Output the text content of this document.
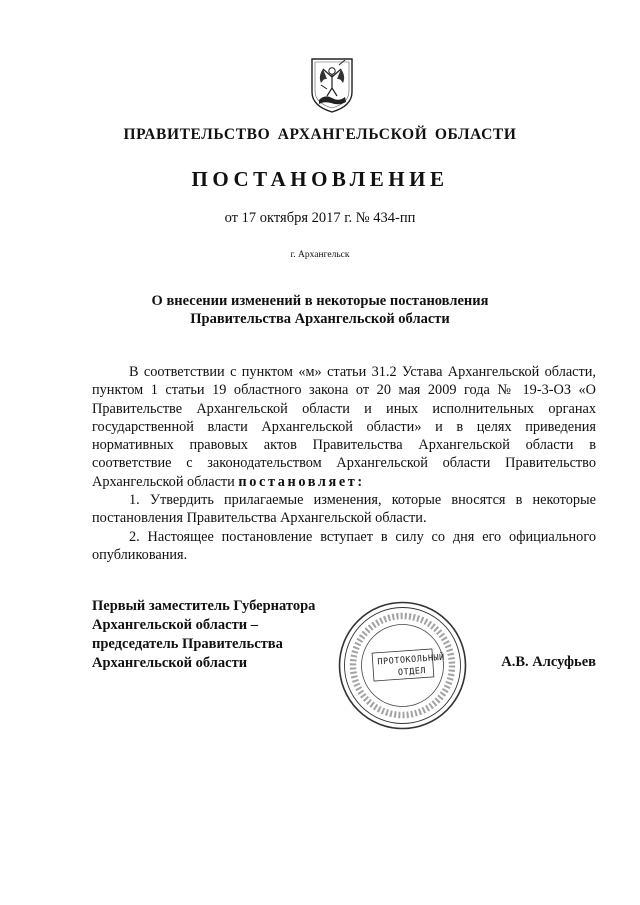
ПРАВИТЕЛЬСТВО АРХАНГЕЛЬСКОЙ ОБЛАСТИ
ПОСТАНОВЛЕНИЕ
от 17 октября 2017 г. № 434-пп
г. Архангельск
О внесении изменений в некоторые постановления
Правительства Архангельской области

В соответствии с пунктом «м» статьи 31.2 Устава Архангельской области, пунктом 1 статьи 19 областного закона от 20 мая 2009 года № 19-3-ОЗ «О Правительстве Архангельской области и иных исполнительных органах государственной власти Архангельской области» и в целях приведения нормативных правовых актов Правительства Архангельской области в соответствие с законодательством Архангельской области Правительство Архангельской области постановляет:

1. Утвердить прилагаемые изменения, которые вносятся в некоторые постановления Правительства Архангельской области.

2. Настоящее постановление вступает в силу со дня его официального опубликования.

Первый заместитель Губернатора
Архангельской области –
председатель Правительства
Архангельской области	ПРОТОКОЛЬНЫЙ
ОТДЕЛ
А.В. Алсуфьев
